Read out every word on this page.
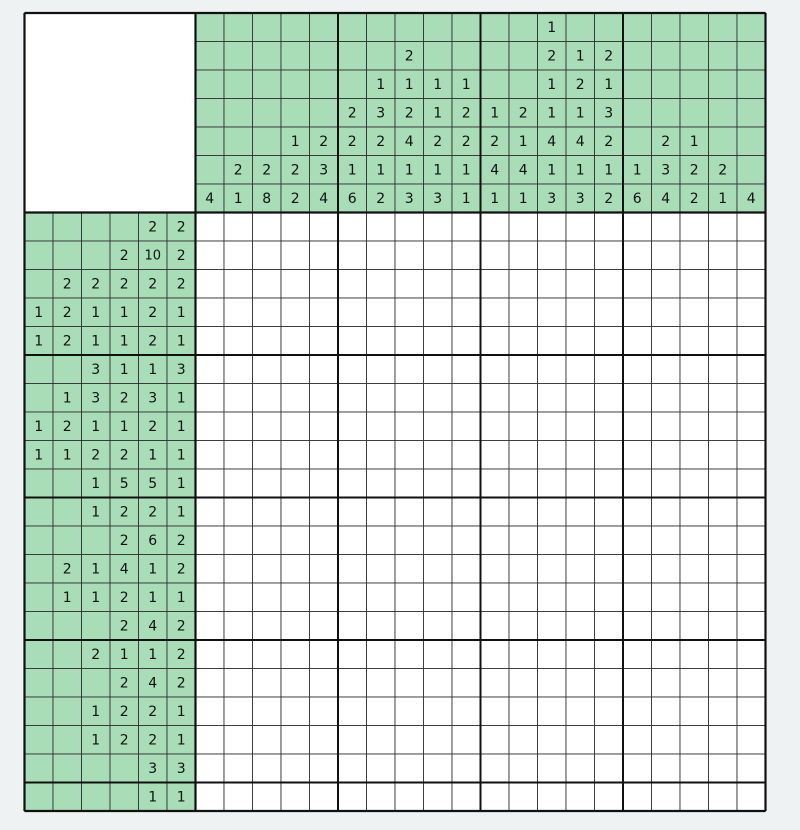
4
2
1
2
8
1
2
2
2
3
4
2
2
1
6
1
3
2
1
2
2
1
2
4
1
3
1
1
2
1
3
1
2
2
1
1
1
2
4
1
2
1
4
1
1
2
1
1
4
1
3
1
2
1
4
1
3
2
1
3
2
1
2
1
6
2
3
4
1
2
2
2
1 4
2 2
2 10 2
2 2 2 2 2
1 2 1 1 2 1
1 2 1 1 2 1
3 1 1 3
1 3 2 3 1
1 2 1 1 2 1
1 1 2 2 1 1
1 5 5 1
1 2 2 1
2 6 2
2 1 4 1 2
1 1 2 1 1
2 4 2
2 1 1 2
2 4 2
1 2 2 1
1 2 2 1
3 3
1 1
